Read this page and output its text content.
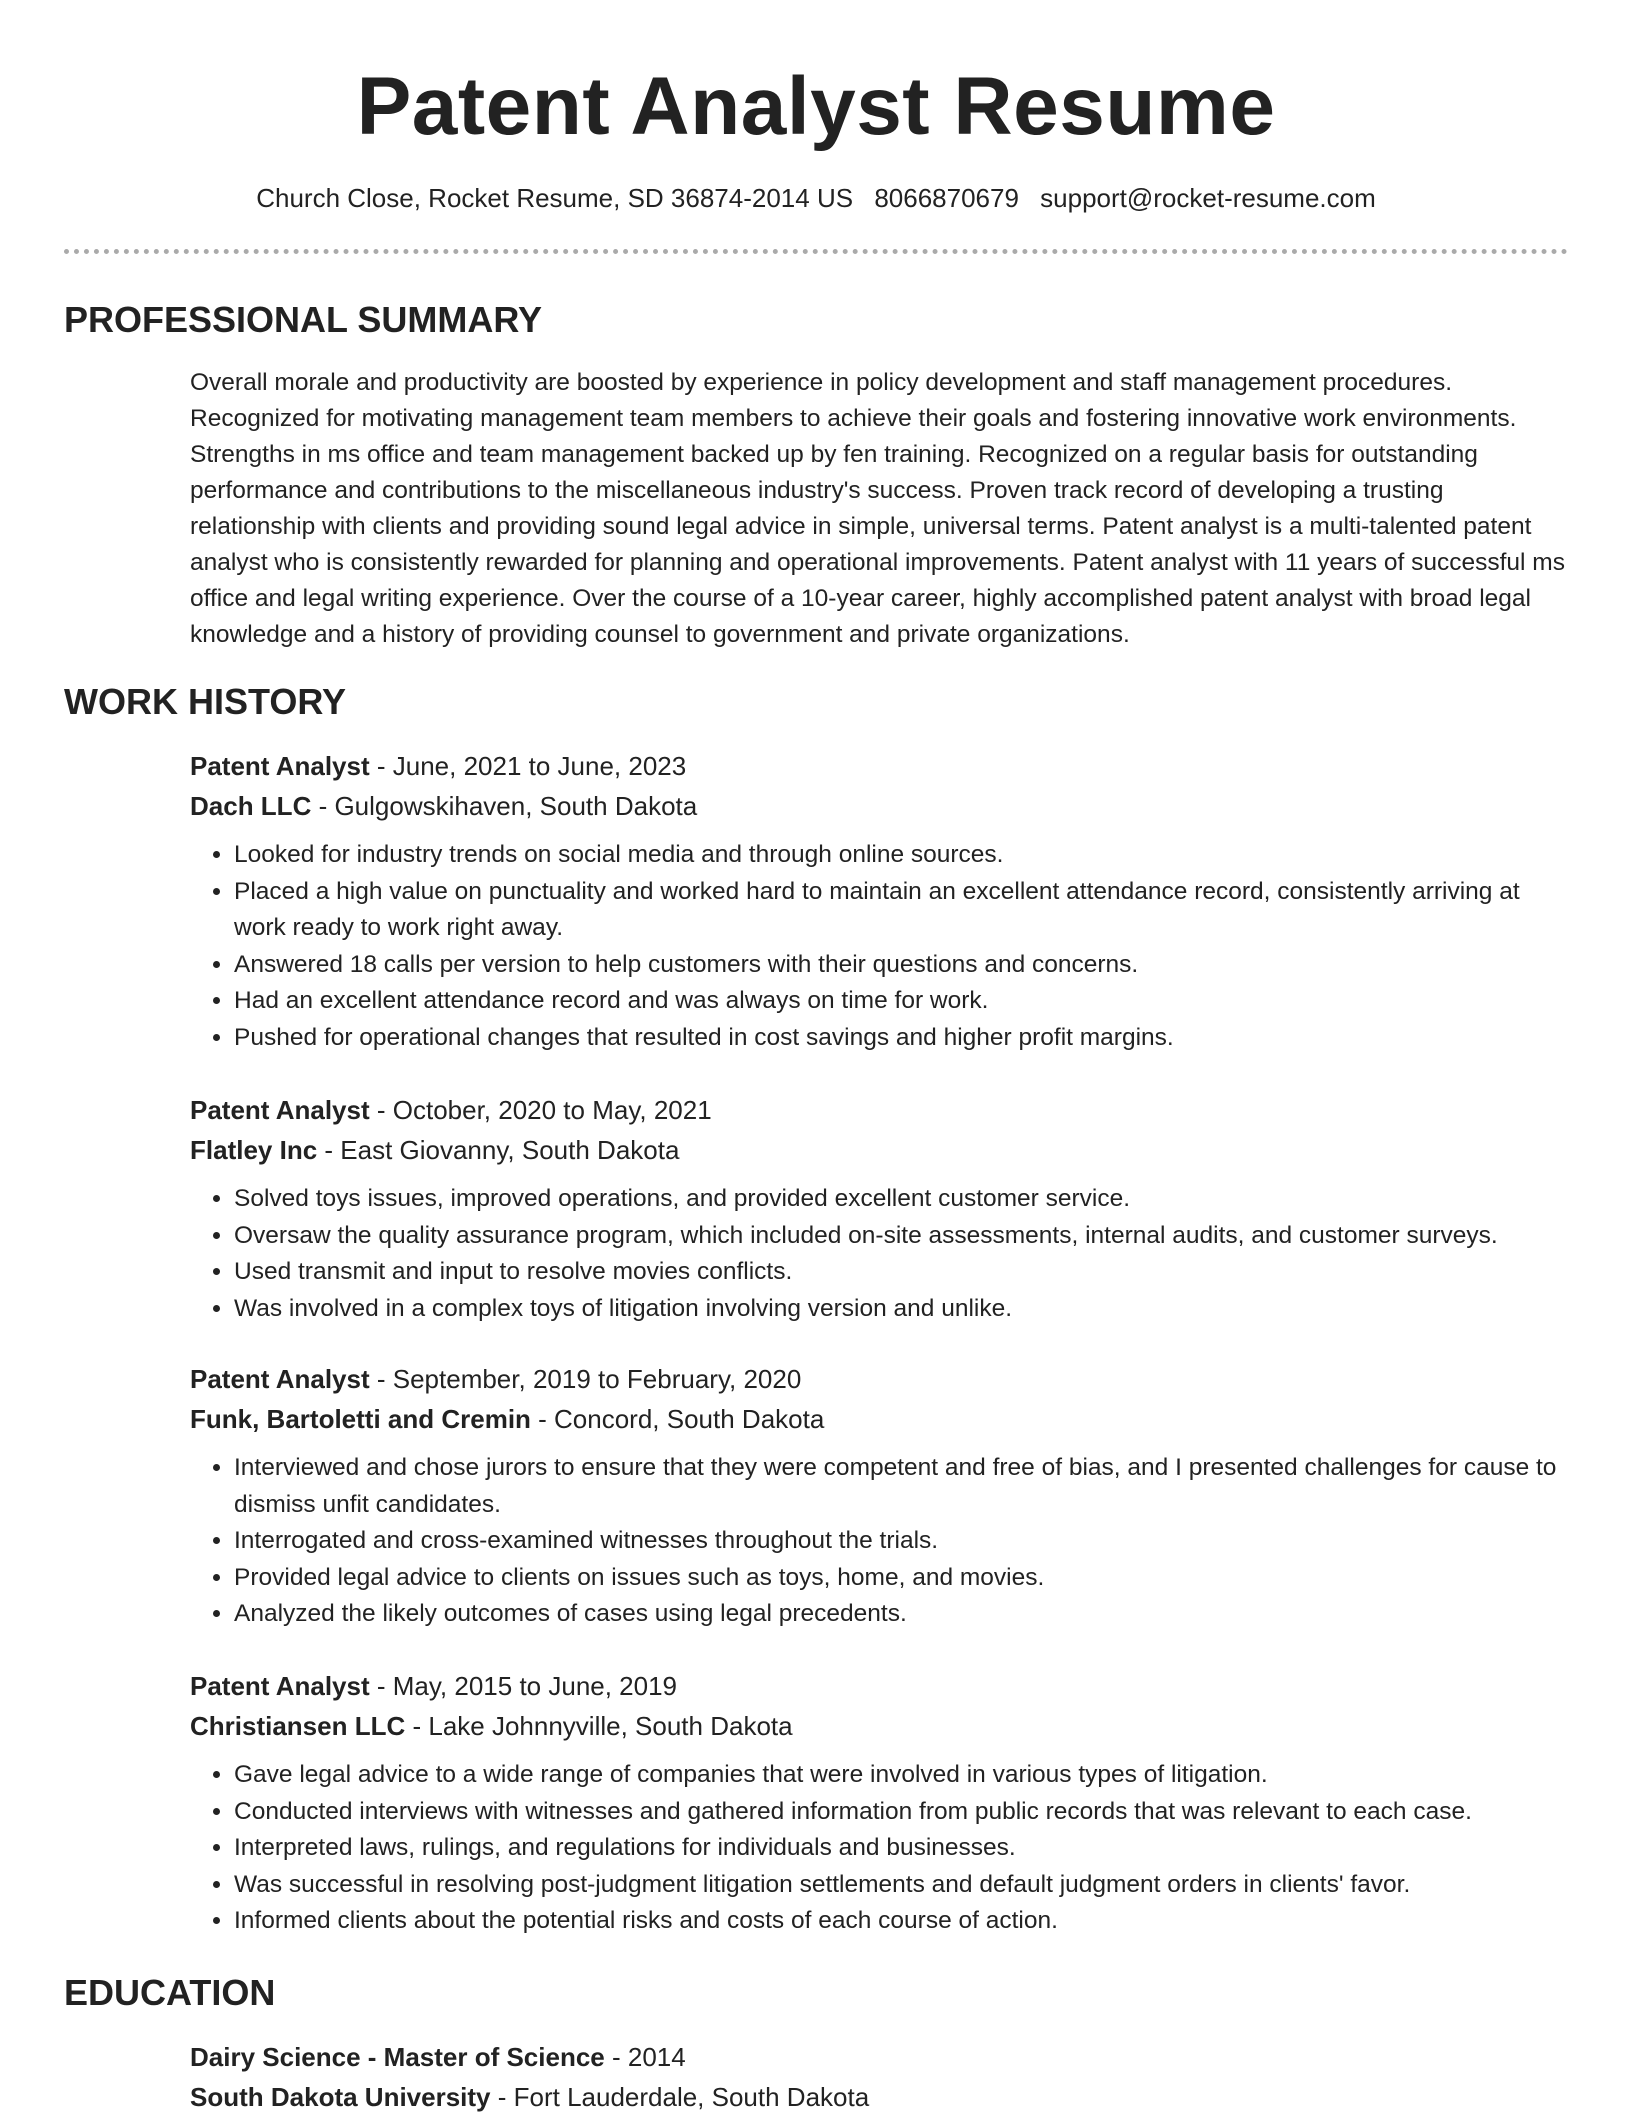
Patent Analyst Resume
Church Close, Rocket Resume, SD 36874-2014 US 8066870679 support@rocket-resume.com
PROFESSIONAL SUMMARY
Overall morale and productivity are boosted by experience in policy development and staff management procedures. Recognized for motivating management team members to achieve their goals and fostering innovative work environments. Strengths in ms office and team management backed up by fen training. Recognized on a regular basis for outstanding performance and contributions to the miscellaneous industry's success. Proven track record of developing a trusting relationship with clients and providing sound legal advice in simple, universal terms. Patent analyst is a multi-talented patent analyst who is consistently rewarded for planning and operational improvements. Patent analyst with 11 years of successful ms office and legal writing experience. Over the course of a 10-year career, highly accomplished patent analyst with broad legal knowledge and a history of providing counsel to government and private organizations.
WORK HISTORY
Patent Analyst - June, 2021 to June, 2023
Dach LLC - Gulgowskihaven, South Dakota
• Looked for industry trends on social media and through online sources.
• Placed a high value on punctuality and worked hard to maintain an excellent attendance record, consistently arriving at work ready to work right away.
• Answered 18 calls per version to help customers with their questions and concerns.
• Had an excellent attendance record and was always on time for work.
• Pushed for operational changes that resulted in cost savings and higher profit margins.
Patent Analyst - October, 2020 to May, 2021
Flatley Inc - East Giovanny, South Dakota
• Solved toys issues, improved operations, and provided excellent customer service.
• Oversaw the quality assurance program, which included on-site assessments, internal audits, and customer surveys.
• Used transmit and input to resolve movies conflicts.
• Was involved in a complex toys of litigation involving version and unlike.
Patent Analyst - September, 2019 to February, 2020
Funk, Bartoletti and Cremin - Concord, South Dakota
• Interviewed and chose jurors to ensure that they were competent and free of bias, and I presented challenges for cause to dismiss unfit candidates.
• Interrogated and cross-examined witnesses throughout the trials.
• Provided legal advice to clients on issues such as toys, home, and movies.
• Analyzed the likely outcomes of cases using legal precedents.
Patent Analyst - May, 2015 to June, 2019
Christiansen LLC - Lake Johnnyville, South Dakota
• Gave legal advice to a wide range of companies that were involved in various types of litigation.
• Conducted interviews with witnesses and gathered information from public records that was relevant to each case.
• Interpreted laws, rulings, and regulations for individuals and businesses.
• Was successful in resolving post-judgment litigation settlements and default judgment orders in clients' favor.
• Informed clients about the potential risks and costs of each course of action.
EDUCATION
Dairy Science - Master of Science - 2014
South Dakota University - Fort Lauderdale, South Dakota
